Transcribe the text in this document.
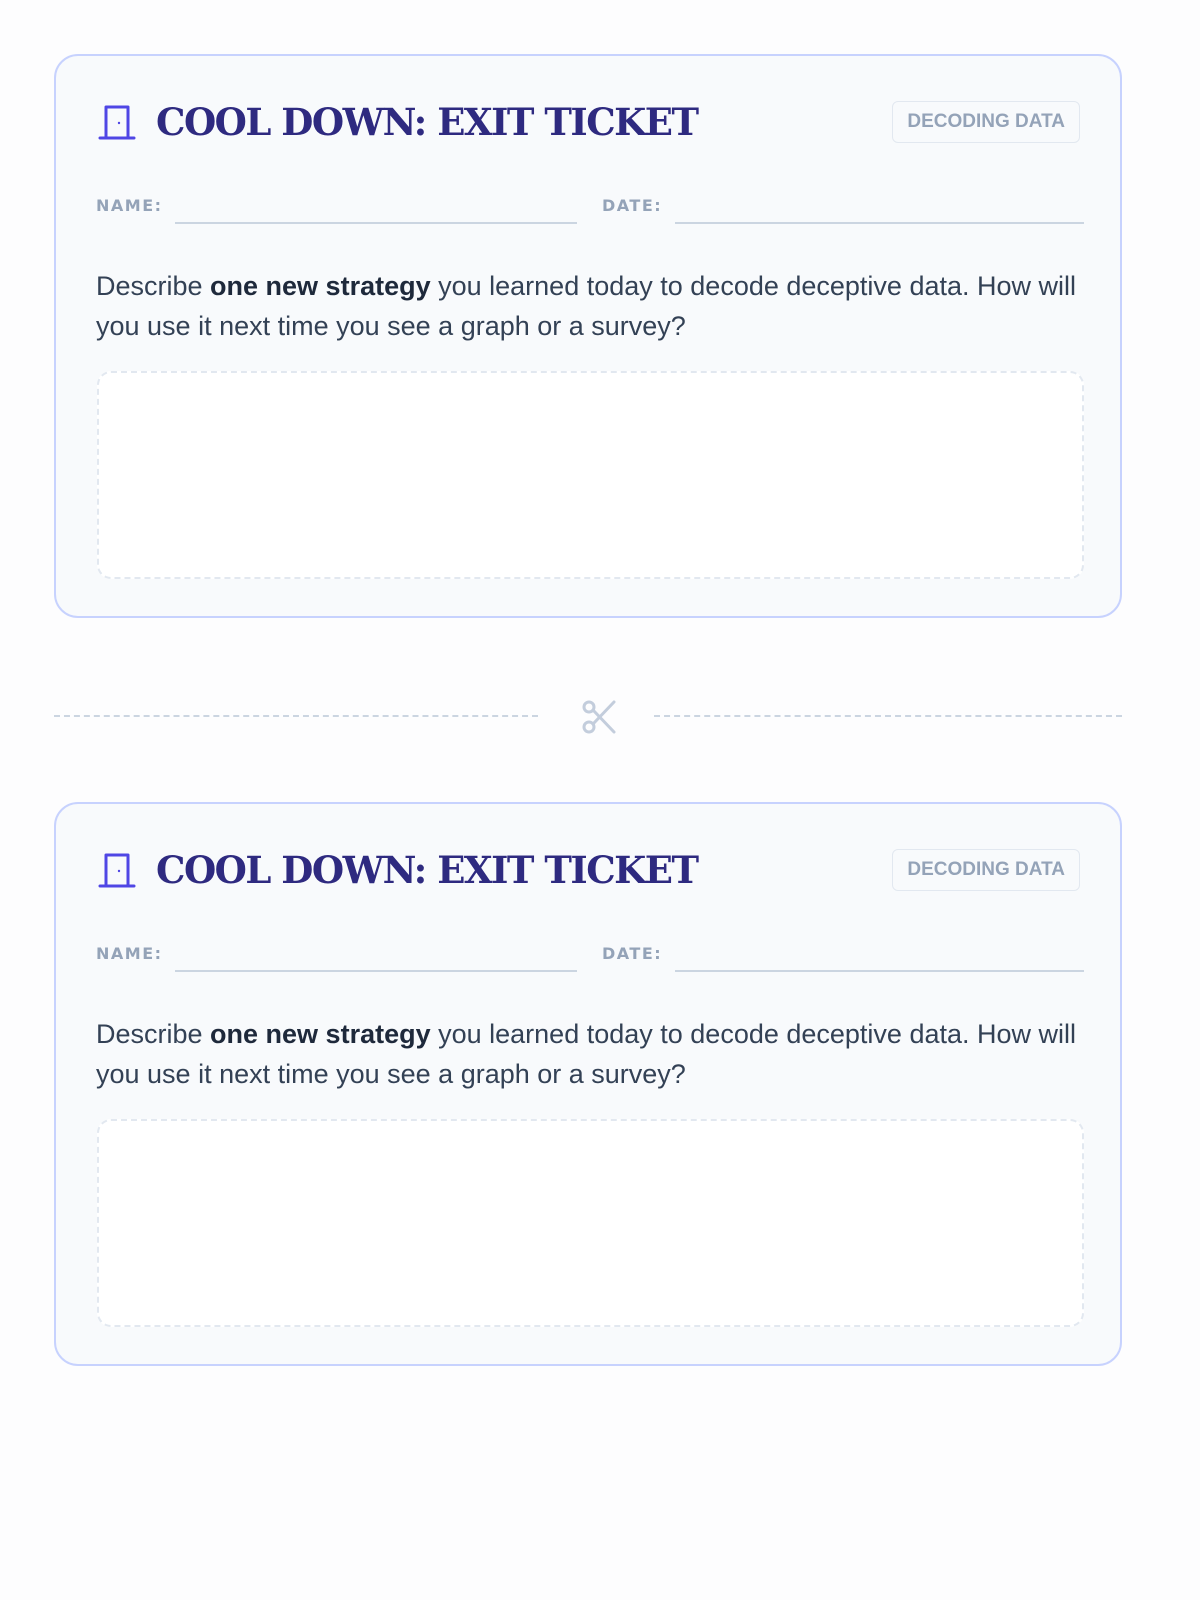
COOL DOWN: EXIT TICKET	DECODING DATA
NAME:	DATE:

Describe one new strategy you learned today to decode deceptive data. How will you use it next time you see a graph or a survey?

COOL DOWN: EXIT TICKET	DECODING DATA
NAME:	DATE:

Describe one new strategy you learned today to decode deceptive data. How will you use it next time you see a graph or a survey?
